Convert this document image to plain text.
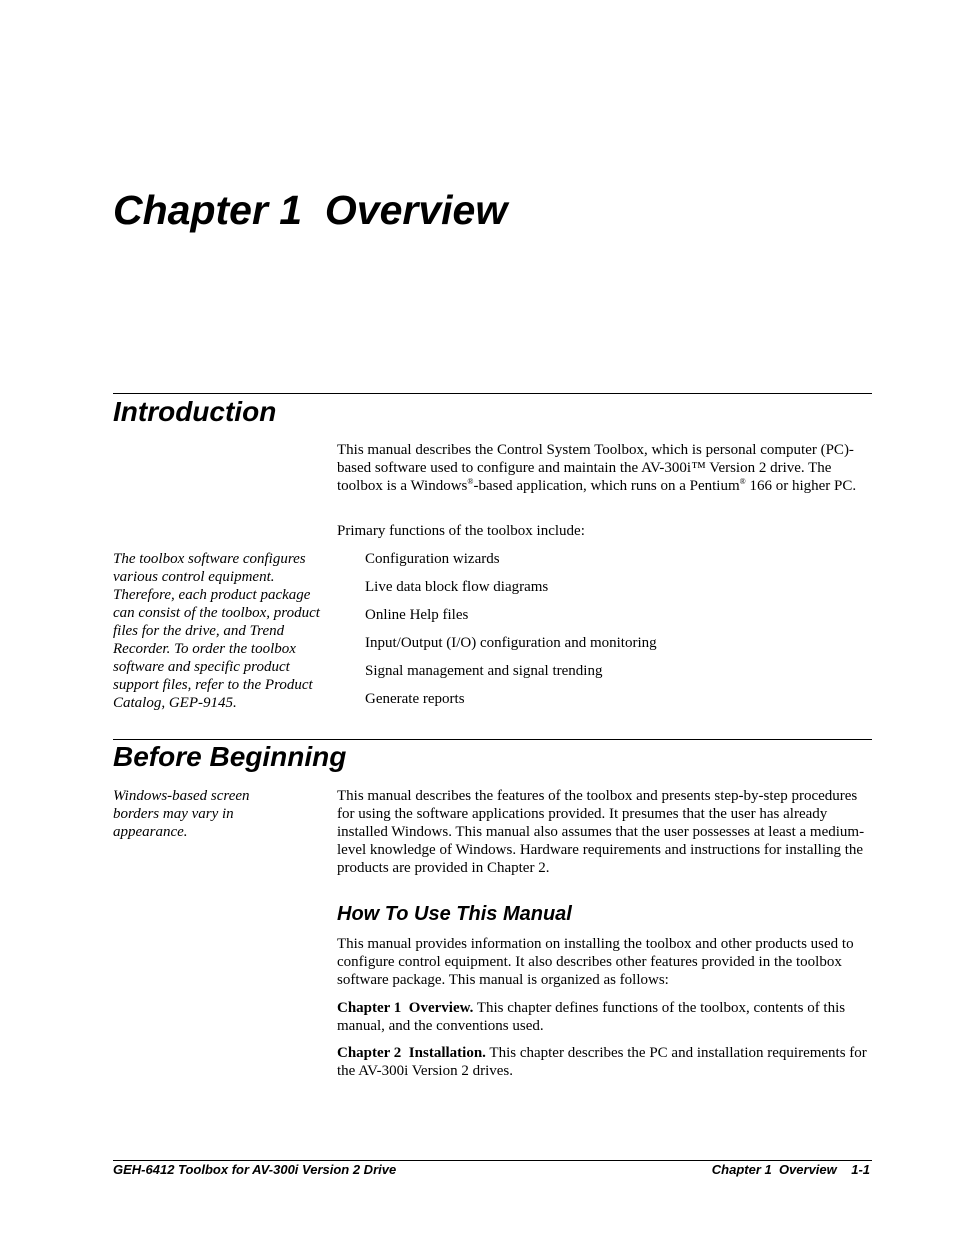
Chapter 1  Overview
Introduction

This manual describes the Control System Toolbox, which is personal computer (PC)-based software used to configure and maintain the AV-300i™ Version 2 drive. The toolbox is a Windows®-based application, which runs on a Pentium® 166 or higher PC.

Primary functions of the toolbox include:

Configuration wizards
Live data block flow diagrams
Online Help files
Input/Output (I/O) configuration and monitoring
Signal management and signal trending
Generate reports

The toolbox software configures various control equipment. Therefore, each product package can consist of the toolbox, product files for the drive, and Trend Recorder. To order the toolbox software and specific product support files, refer to the Product Catalog, GEP-9145.

Before Beginning

Windows-based screen borders may vary in appearance.

This manual describes the features of the toolbox and presents step-by-step procedures for using the software applications provided. It presumes that the user has already installed Windows. This manual also assumes that the user possesses at least a medium-level knowledge of Windows. Hardware requirements and instructions for installing the products are provided in Chapter 2.

How To Use This Manual

This manual provides information on installing the toolbox and other products used to configure control equipment. It also describes other features provided in the toolbox software package. This manual is organized as follows:

Chapter 1  Overview. This chapter defines functions of the toolbox, contents of this manual, and the conventions used.

Chapter 2  Installation. This chapter describes the PC and installation requirements for the AV-300i Version 2 drives.

GEH-6412 Toolbox for AV-300i Version 2 Drive	Chapter 1  Overview    1-1
